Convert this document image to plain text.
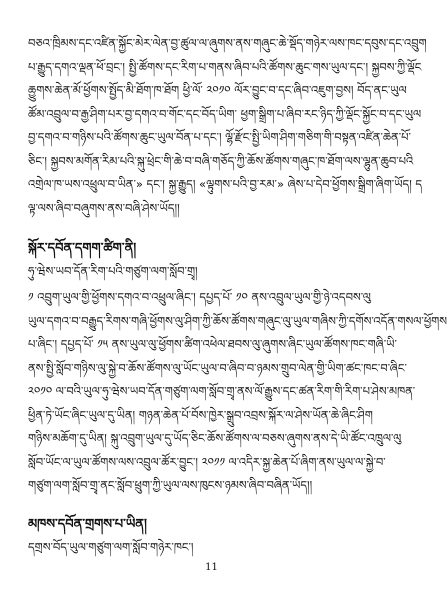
བཅའ་ཁྲིམས་དང་འཛིན་སྐྱོང་མེར་ལེན་བྱ་ཚུལ་ལ་ཞུགས་ནས་གཞུང་ཆེ་སྡོད་གཉེར་ལས་ཁང་དབུས་དང་འབྲུག
པ་རྒྱུད་དགའ་ལྡན་ཕོ་བྲང་། སྤྱི་ཚོགས་དང་རིག་པ་གནས་ཞིབ་པའི་ཚོགས་ཆུང་གས་ཡུལ་དང་། སྐྱབས་ཀྱི་ལྡོང
ཆྱུགས་ཆེན་མོ་ཕྱོགས་སྤྱོད་མི་ཐོག་ཁ་ཐོག ཕྱི་ལོ་ ༢༠༡༠ ལོར་བྱུང་བ་དང་ཞིབ་འཇུག་བྱས། བོད་ནང་ཡུལ
ཚོམ་འབྲུལ་བ་རྒྱ་ཤིག་པར་བྱ་དགའ་བ་གོང་དང་བོད་ཡིག་ ཕྱག་སྒྲིག་པ་ཞིབ་རང་ཉིད་ཀྱི་ལྡོང་སྐྱོང་བ་དང་ཡུལ
བྱ་དགའ་བ་གཉིས་པའི་ཚོགས་ཆུང་ཡུལ་བོན་པ་དང་། ལྷོ་རྫོང་སྤྱི་ཡིག་ཤིག་གཅིག་གི་བསྟན་འཛིན་ཆེན་པོ་
ཅིང་། སྐྱབས་མགོན་རིམ་པའི་སྐུ་ཕྲེང་གི་ཆེ་བ་བཞི་གཅོད་ཀྱི་ཆོས་ཚོགས་གཞུང་ཁ་ཐོག་ལས་ལྷུན་ཆུབ་པའི
འགྲེལ་ཁ་ཡས་འཕྲུལ་བ་ཡིན་» དང་། སྐྱ་རྒྱུད། «ལྟུགས་པའི་བྱ་རམ་» ཞེས་པ་དེབ་ཕྱོགས་སྒྲིག་ཞིག་ཡོད། ད
ལྟ་ལས་ཞིབ་བཞུགས་ནས་བཞི་ཤེས་ཡོད།།
སྐོར་དབོན་དགག་ཚིག་ནི།
ཧུ་ཝེས་ཡབ་དོན་རིག་པའི་གཙུག་ལག་སློབ་གྲྭ།
༡ འབྲུག་ཡུལ་གྱི་ཕྱོགས་དགའ་བ་འཕྲུལ་ཞིང་། དཔྱད་པོ་ ༡༠ ནས་འབྲུལ་ཡུལ་གྱི་ཉེ་འདབས་ལུ
ཡུལ་དགའ་བ་བརྒྱུད་རིགས་གཞི་ཕྱོགས་ལུ་ཤིག་ཀྱི་ཆོས་ཚོགས་གཞུང་ལུ་ཡུལ་གཞིས་ཀྱི་དགོས་འདོན་གསལ་ཕྱོགས
པ་ཞིང་། དཔྱད་པོ་ ༡༥ ནས་ཡུལ་ལུ་ཕྱོགས་ཚིག་འཕེལ་ཐབས་ལུ་ཞུགས་ཞིང་ཡུལ་ཚོགས་ཁང་གཞི་ཡི་
ནས་སྤྱི་སློབ་གཉིས་ལུ་སྐྱེ་བ་ཆོས་ཚོགས་ལུ་ཡོང་ཡུལ་བ་ཞིབ་བ་ཉམས་གྲུབ་ལེན་གྱི་ཡིག་ཚང་ཁང་བ་ཞིང་
༢༠༡༠ ལ་བའི་ཡུལ་ཧུ་ཝེས་ཡབ་དོན་གཙུག་ལག་སློབ་གྲྭ་ནས་ལོ་རྒྱུས་དང་ཚན་རིག་གི་རིག་པ་ཤེས་མཁན་
ཕྱིན་ཏེ་ཡོང་ཞིང་ཡུལ་དུ་ཡིན། གཉན་ཆེན་པོ་བོས་ཁྱེར་སྒྲུབ་འབྲས་སྐོར་ལ་ཤེས་ཡོན་ཆེ་ཞིང་ཤིག
གཉིས་མཆོག་དུ་ཡིན། སྐུ་འབྲུག་ཡུལ་དུ་ཡོད་ཅིང་ཆོས་ཚོགས་ལ་བཅས་ཞུགས་ནས་དེ་ཡི་ཚོང་འཁྲུལ་ལུ
སློབ་ཡོང་ལ་ཡུལ་ཚོགས་ལས་འབྲུལ་ཚོར་བྱུང་། ༢༠༡༡ ལ་འདིར་སྐྱ་ཆེན་པོ་ཞིག་ནས་ཡུལ་ལ་སྐྱེ་བ་
གཙུག་ལག་སློབ་གྲྭ་ནང་སློབ་ཕྲུག་ཀྱི་ཡུལ་ལས་ཁུངས་ཉམས་ཞིབ་བཞིན་ཡོད།།
མཁས་དབོན་གྲགས་པ་ཡིན།
དགྲས་བོད་ཡུལ་གཙུག་ལག་སློབ་གཉེར་ཁང་།
11
